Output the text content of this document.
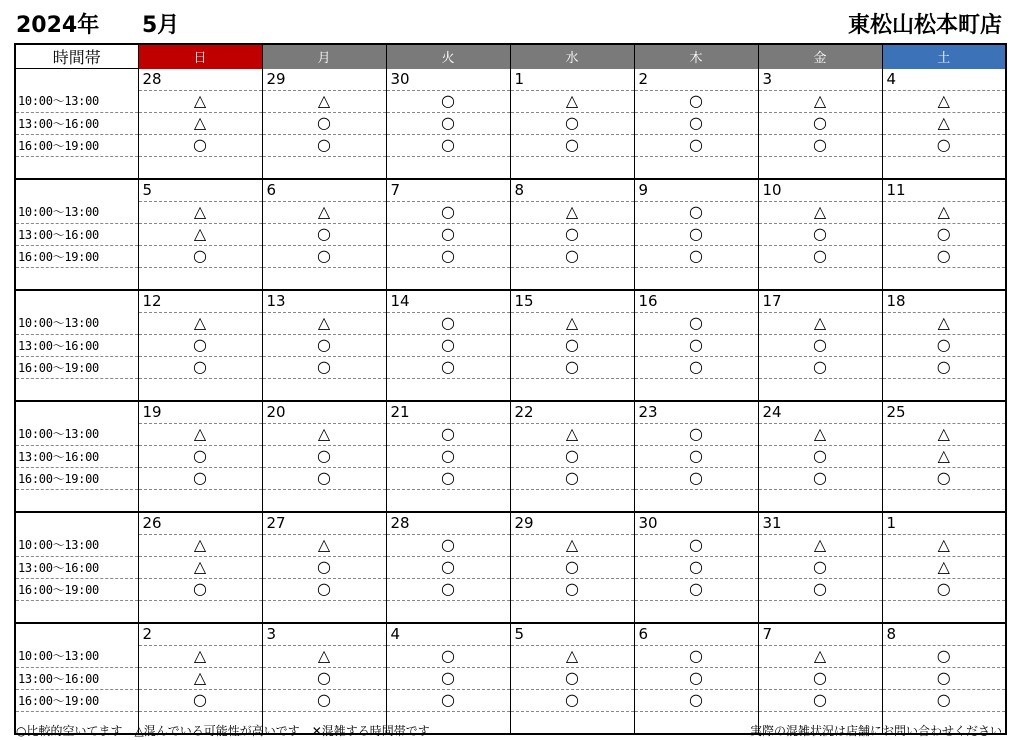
2024年 5月	東松山松本町店
時間帯	日	月	火	水	木	金	土
	28	29	30	1	2	3	4
10:00～13:00	△	△	○	△	○	△	△
13:00～16:00	△	○	○	○	○	○	△
16:00～19:00	○	○	○	○	○	○	○

	5	6	7	8	9	10	11
10:00～13:00	△	△	○	△	○	△	△
13:00～16:00	△	○	○	○	○	○	○
16:00～19:00	○	○	○	○	○	○	○

	12	13	14	15	16	17	18
10:00～13:00	△	△	○	△	○	△	△
13:00～16:00	○	○	○	○	○	○	○
16:00～19:00	○	○	○	○	○	○	○

	19	20	21	22	23	24	25
10:00～13:00	△	△	○	△	○	△	△
13:00～16:00	○	○	○	○	○	○	△
16:00～19:00	○	○	○	○	○	○	○

	26	27	28	29	30	31	1
10:00～13:00	△	△	○	△	○	△	△
13:00～16:00	△	○	○	○	○	○	△
16:00～19:00	○	○	○	○	○	○	○

	2	3	4	5	6	7	8
10:00～13:00	△	△	○	△	○	△	○
13:00～16:00	△	○	○	○	○	○	○
16:00～19:00	○	○	○	○	○	○	○

○比較的空いてます　△混んでいる可能性が高いです　✕混雑する時間帯です	実際の混雑状況は店舗にお問い合わせください
